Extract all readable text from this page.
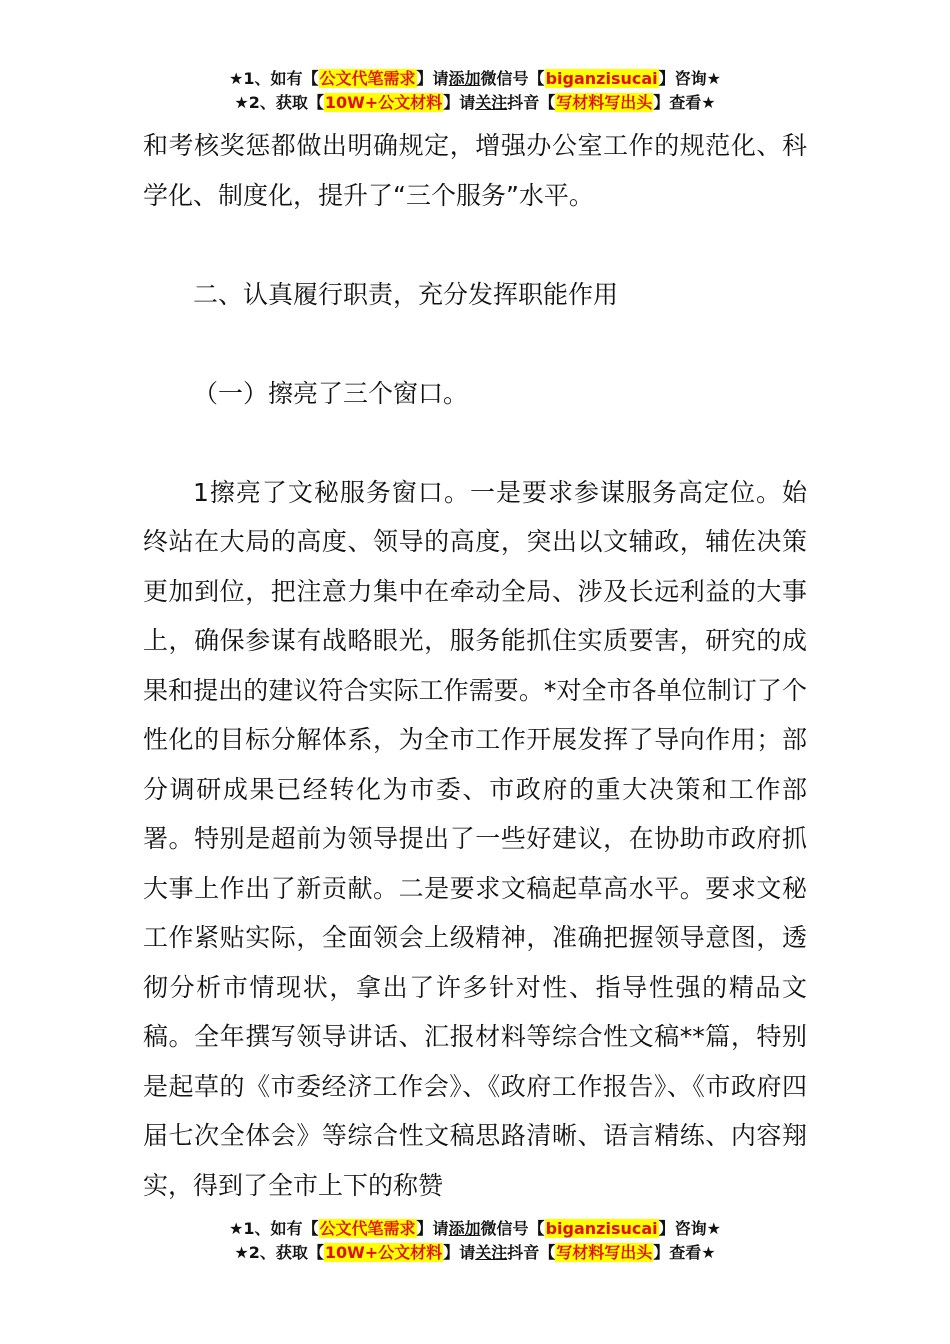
★1、如有【公文代笔需求】请添加微信号【biganzisucai】咨询★
★2、获取【10W+公文材料】请关注抖音【写材料写出头】查看★

和考核奖惩都做出明确规定，增强办公室工作的规范化、科学化、制度化，提升了“三个服务”水平。

二、认真履行职责，充分发挥职能作用

（一）擦亮了三个窗口。

1擦亮了文秘服务窗口。一是要求参谋服务高定位。始终站在大局的高度、领导的高度，突出以文辅政，辅佐决策更加到位，把注意力集中在牵动全局、涉及长远利益的大事上，确保参谋有战略眼光，服务能抓住实质要害，研究的成果和提出的建议符合实际工作需要。*对全市各单位制订了个性化的目标分解体系，为全市工作开展发挥了导向作用；部分调研成果已经转化为市委、市政府的重大决策和工作部署。特别是超前为领导提出了一些好建议，在协助市政府抓大事上作出了新贡献。二是要求文稿起草高水平。要求文秘工作紧贴实际，全面领会上级精神，准确把握领导意图，透彻分析市情现状，拿出了许多针对性、指导性强的精品文稿。全年撰写领导讲话、汇报材料等综合性文稿**篇，特别是起草的《市委经济工作会》、《政府工作报告》、《市政府四届七次全体会》等综合性文稿思路清晰、语言精练、内容翔实，得到了全市上下的称赞

★1、如有【公文代笔需求】请添加微信号【biganzisucai】咨询★
★2、获取【10W+公文材料】请关注抖音【写材料写出头】查看★
